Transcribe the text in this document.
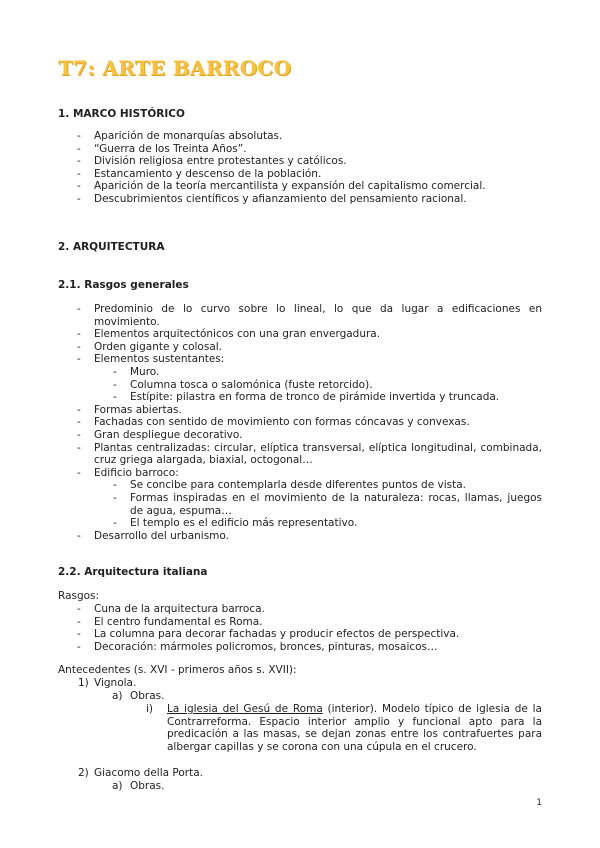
T7: ARTE BARROCO
1. MARCO HISTÓRICO
- Aparición de monarquías absolutas.
- “Guerra de los Treinta Años”.
- División religiosa entre protestantes y católicos.
- Estancamiento y descenso de la población.
- Aparición de la teoría mercantilista y expansión del capitalismo comercial.
- Descubrimientos científicos y afianzamiento del pensamiento racional.
2. ARQUITECTURA
2.1. Rasgos generales
- Predominio de lo curvo sobre lo lineal, lo que da lugar a edificaciones en movimiento.
- Elementos arquitectónicos con una gran envergadura.
- Orden gigante y colosal.
- Elementos sustentantes:
- Muro.
- Columna tosca o salomónica (fuste retorcido).
- Estípite: pilastra en forma de tronco de pirámide invertida y truncada.
- Formas abiertas.
- Fachadas con sentido de movimiento con formas cóncavas y convexas.
- Gran despliegue decorativo.
- Plantas centralizadas: circular, elíptica transversal, elíptica longitudinal, combinada, cruz griega alargada, biaxial, octogonal…
- Edificio barroco:
- Se concibe para contemplarla desde diferentes puntos de vista.
- Formas inspiradas en el movimiento de la naturaleza: rocas, llamas, juegos de agua, espuma…
- El templo es el edificio más representativo.
- Desarrollo del urbanismo.
2.2. Arquitectura italiana
Rasgos:
- Cuna de la arquitectura barroca.
- El centro fundamental es Roma.
- La columna para decorar fachadas y producir efectos de perspectiva.
- Decoración: mármoles policromos, bronces, pinturas, mosaicos…
Antecedentes (s. XVI - primeros años s. XVII):
1) Vignola.
a) Obras.
i) La iglesia del Gesú de Roma (interior). Modelo típico de iglesia de la Contrarreforma. Espacio interior amplio y funcional apto para la predicación a las masas, se dejan zonas entre los contrafuertes para albergar capillas y se corona con una cúpula en el crucero.
2) Giacomo della Porta.
a) Obras.
1
